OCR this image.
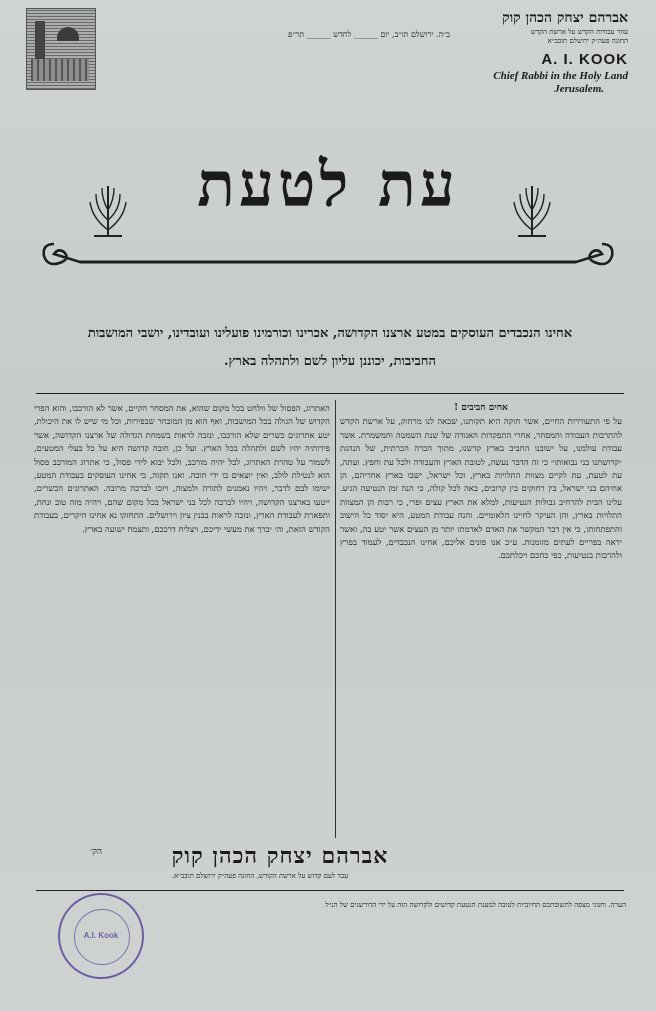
ב״ה. ירושלם תו״ב, יום ______ לחדש ______ תר״פ
אברהם יצחק הכהן קוק
עוזר עבודות הקדש על ארשת הקדש
החונה פעה״ק ירושלם תובב״א
A. I. KOOK
Chief Rabbi in the Holy Land
Jerusalem.
עת לטעת
אחינו הנכבדים העוסקים במטע ארצנו הקדושה, אכרינו וכורמינו פועלינו ועובדינו, יושבי המושבות
החביבות, יכוננן עליון לשם ולתהלה בארץ.
אחים חביבים !
על פי התעוררות החיים, אשר חוקה היא תקותנו, שבאה לנו מרחוק, על ארשת הקדש להתרבות העבודה והמסחר, אחרי התפקדות האגודה של שנת השמטה והמשמרת. אשר עבודת עולמנו, על ישובנו החביב בארץ קדשנו, מתוך הכרה הכרתית, של הנהגת ״קדושתנו בני נבואותו״ כי זה הדבר נעשה, לטובת הארץ והעבודה ולכל עת וחפץ. ועתה, עת לטעת, עת לקיים מצוות התלויות בארץ, וכל ישראל, ישבו בארץ אחריהם, הן אחיהם בני ישראל, בין רחוקים בין קרובים, באה לכל קולה, כי הנה זמן הנטיעה הגיע. עלינו הבית להרחיב גבולות הנטיעות, למלא את הארץ עצים ופרי, כי רבות הן המצוות התלויות בארץ, והן העיקר לחיינו הלאומיים. והנה עבודת המטע, היא יסוד כל הישוב והתפתחותו, כי אין דבר המקשר את האדם לאדמתו יותר מן העצים אשר יטע בה, ואשר יראה בפריים לעתים מזומנות. ע״כ אנו פונים אליכם, אחינו הנכבדים, לעמוד בפרץ ולהרבות בנטיעות, כפי כחכם ויכלתכם.
האתרוג, הפסול של וולחט בכל מקום שהוא, את המסחר הקיים, אשר לא הורכבו, והוא הפרי הקדוש של הגולה בכל המושבות, ואף הוא מן המובחר שבפירות, וכל מי שיש לו את היכולת, יטע אתרוגים כשרים שלא הורכבו, ונזכה לראות בשמחת הגדולה של ארצנו הקדושה, אשר פירותיה יהיו לשם ולתהלה בכל הארץ. ועל כן, חובה קדושה היא על כל בעלי המטעים, לשמור על טהרת האתרוג, לבל יהיה מורכב, ולבל יבוא לידי פסול, כי אתרוג המורכב פסול הוא לנטילת לולב, ואין יוצאים בו ידי חובה. ואנו תקוה, כי אחינו העוסקים בעבודת המטע, ישימו לבם לדבר, ויהיו נאמנים לתורה ולמצוה, ויזכו לברכה מרובה. האתרוגים הכשרים, ייטעו בארצנו הקדושה, ויהיו לברכה לכל בני ישראל בכל מקום שהם, ויהיה מזה טוב ונחת, ותפארת לעבודת הארץ, ונזכה לראות בבנין ציון וירושלים. התחזקו נא אחינו היקרים, בעבודת הקודש הזאת, וה׳ יברך את מעשי ידיכם, ויצליח דרככם, ותצמח ישועה בארץ.
הק׳	אברהם יצחק הכהן קוק
עבד לעם קדוש על ארשת הקודש, החונה פעה״ק ירושלם תובב״א.
הערה. וחנוני מצפה לתשובתכם החיוביות לטובה למענת הנטעת קדושים ולקדושה הזה על ידי הדורשנים של הנ״ל
A.I. Kook
